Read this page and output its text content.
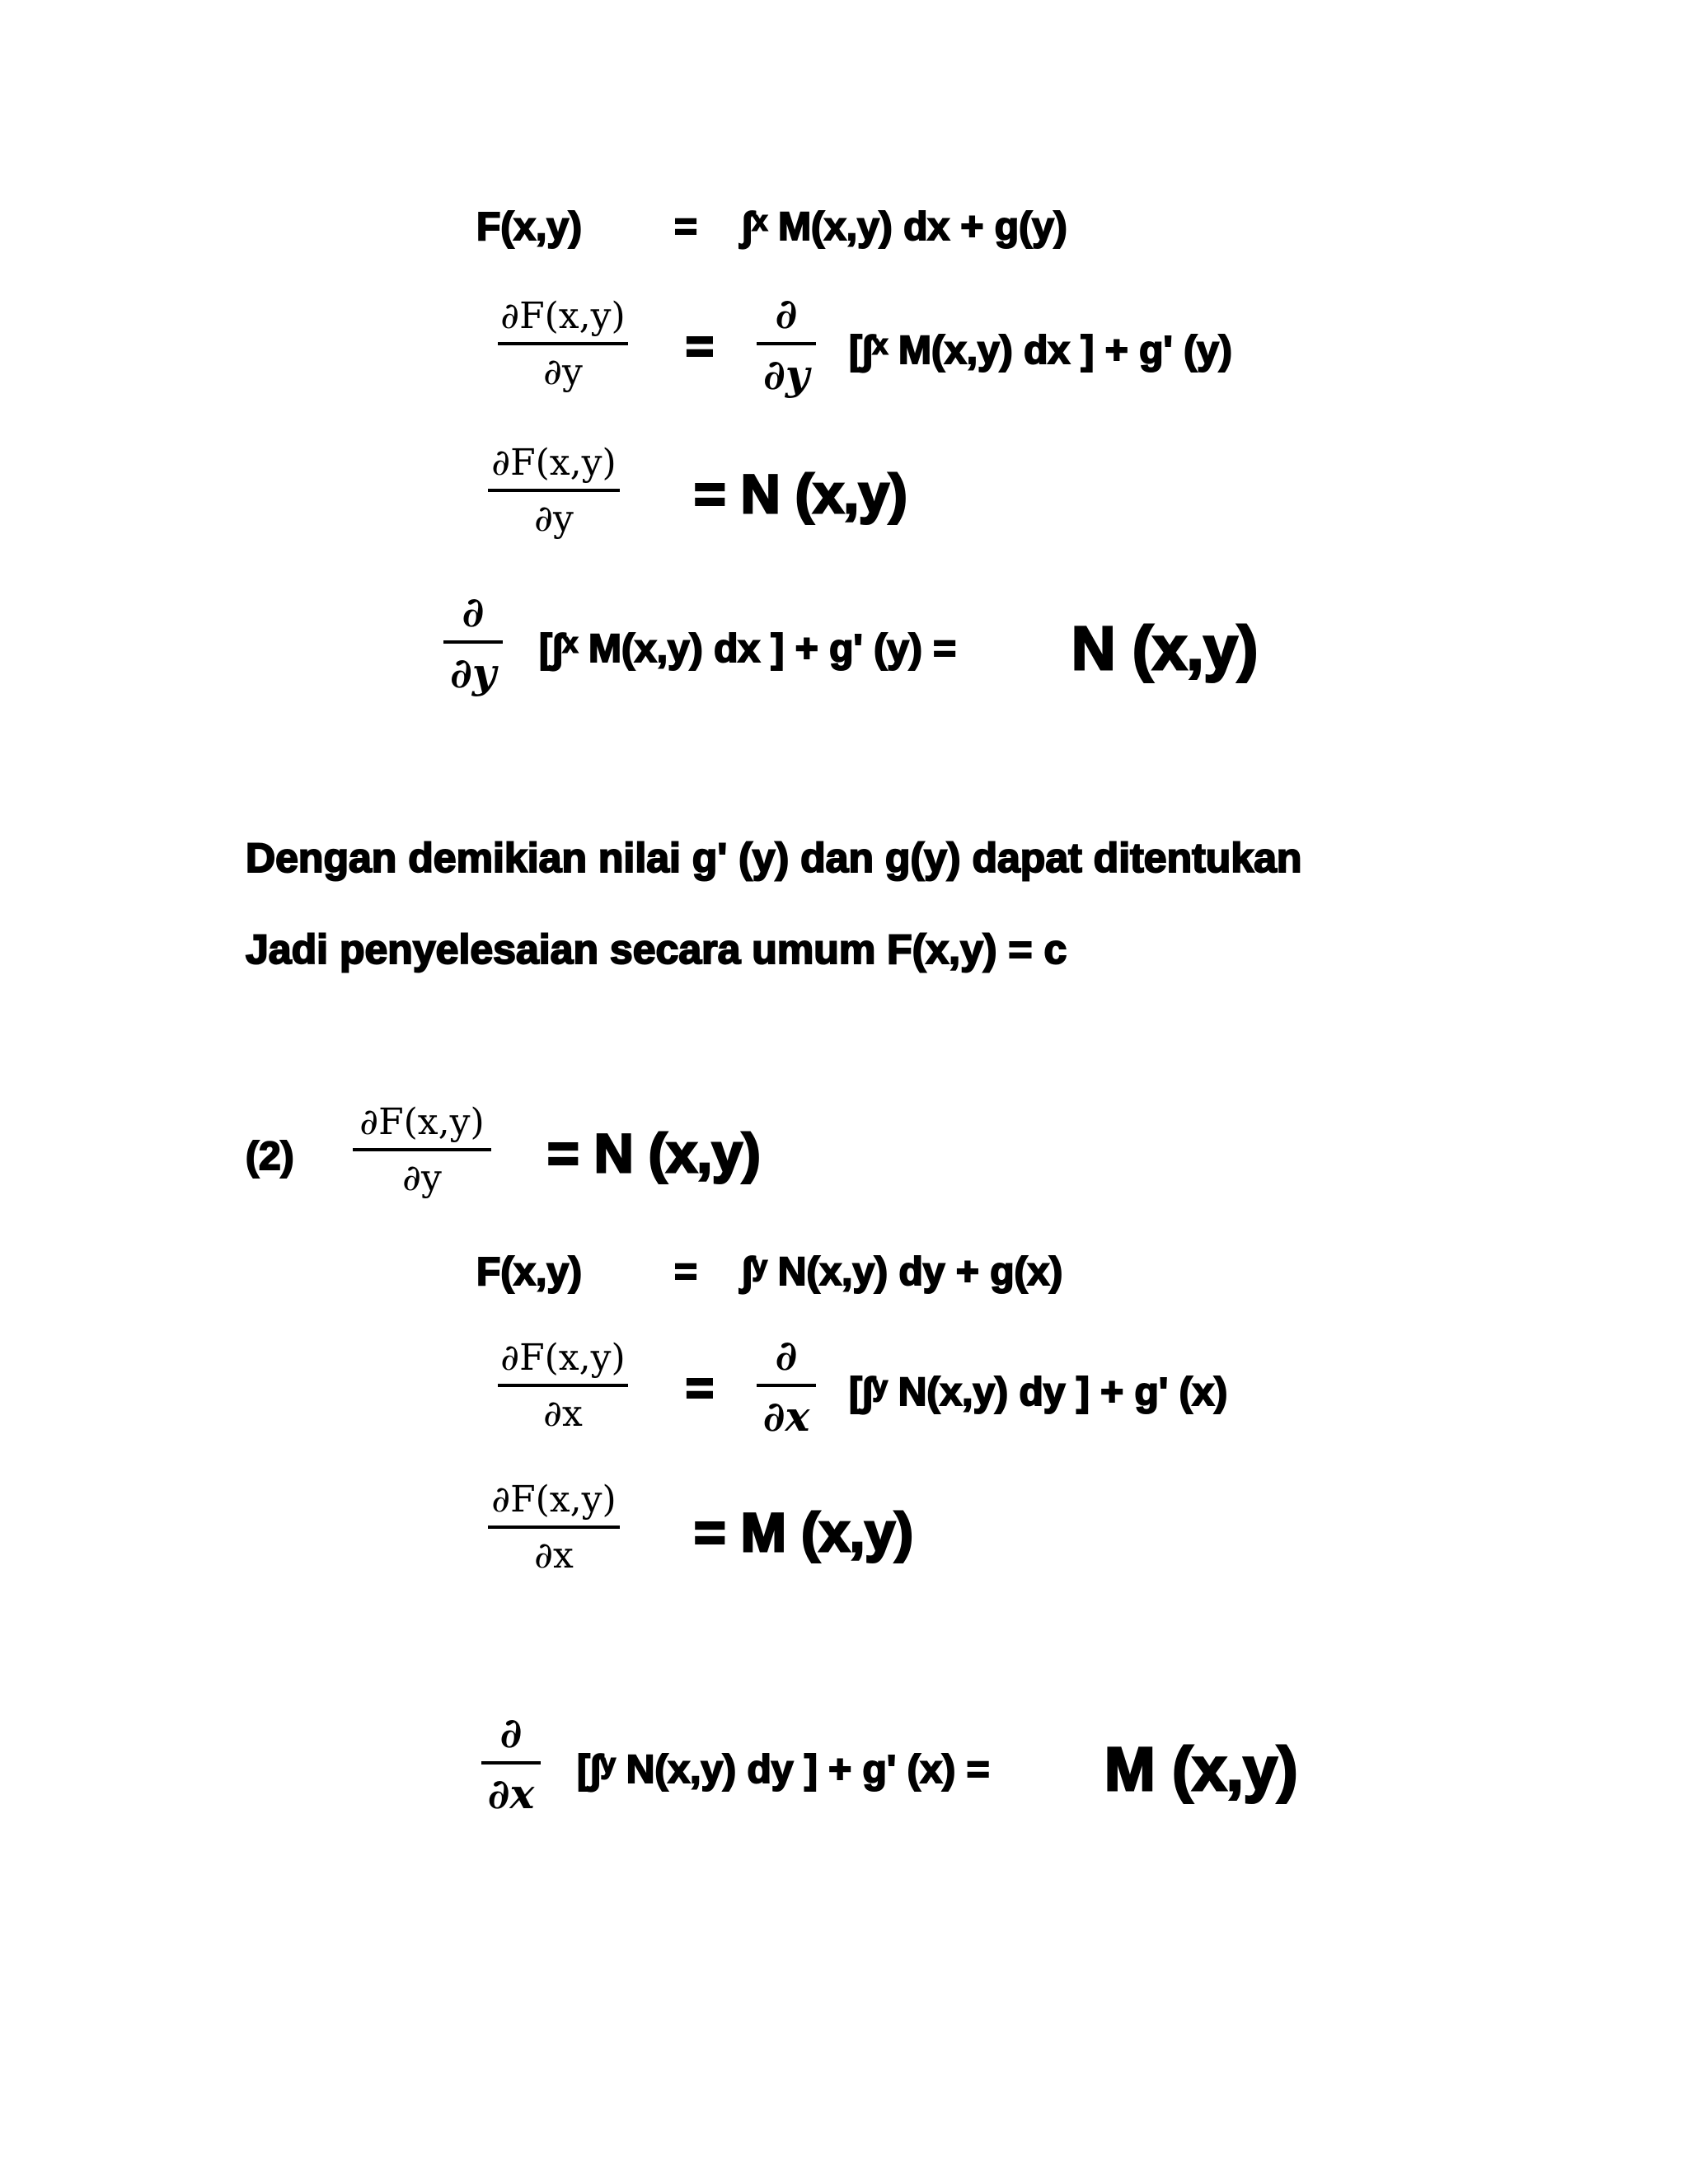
F(x,y) = ∫ˣ M(x,y) dx + g(y)
∂F(x,y)
∂y	=
∂
∂y [∫ˣ M(x,y) dx ] + g' (y)
∂F(x,y)
∂y	= N (x,y)
∂
∂y [∫ˣ M(x,y) dx ] + g' (y) = N (x,y)
Dengan demikian nilai g' (y) dan g(y) dapat ditentukan
Jadi penyelesaian secara umum F(x,y) = c
(2)
∂F(x,y)
∂y	= N (x,y)
F(x,y) = ∫ʸ N(x,y) dy + g(x)
∂F(x,y)
∂x	=
∂
∂x [∫ʸ N(x,y) dy ] + g' (x)
∂F(x,y)
∂x	= M (x,y)
∂
∂x [∫ʸ N(x,y) dy ] + g' (x) = M (x,y)
